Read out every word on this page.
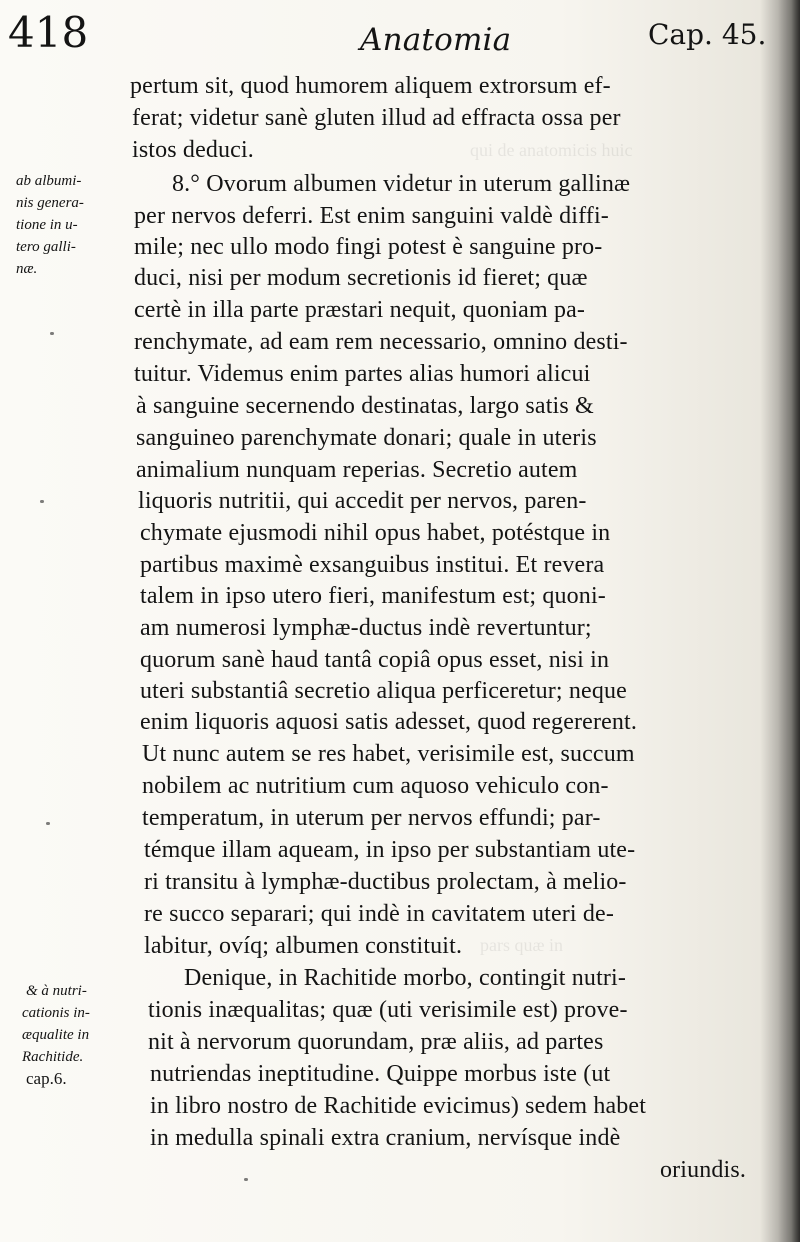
qui de anatomicis huic
pars quæ in
418	Anatomia	Cap. 45.
ab albumi-
nis genera-
tione in u-
tero galli-
næ.
& à nutri-
cationis in-
æqualite in
Rachitide.
cap.6.
pertum sit, quod humorem aliquem extrorsum ef-
ferat; videtur sanè gluten illud ad effracta ossa per
istos deduci.
8.° Ovorum albumen videtur in uterum gallinæ
per nervos deferri. Est enim sanguini valdè diffi-
mile; nec ullo modo fingi potest è sanguine pro-
duci, nisi per modum secretionis id fieret; quæ
certè in illa parte præstari nequit, quoniam pa-
renchymate, ad eam rem necessario, omnino desti-
tuitur. Videmus enim partes alias humori alicui
à sanguine secernendo destinatas, largo satis &
sanguineo parenchymate donari; quale in uteris
animalium nunquam reperias. Secretio autem
liquoris nutritii, qui accedit per nervos, paren-
chymate ejusmodi nihil opus habet, potéstque in
partibus maximè exsanguibus institui. Et revera
talem in ipso utero fieri, manifestum est; quoni-
am numerosi lymphæ-ductus indè revertuntur;
quorum sanè haud tantâ copiâ opus esset, nisi in
uteri substantiâ secretio aliqua perficeretur; neque
enim liquoris aquosi satis adesset, quod regererent.
Ut nunc autem se res habet, verisimile est, succum
nobilem ac nutritium cum aquoso vehiculo con-
temperatum, in uterum per nervos effundi; par-
témque illam aqueam, in ipso per substantiam ute-
ri transitu à lymphæ-ductibus prolectam, à melio-
re succo separari; qui indè in cavitatem uteri de-
labitur, ovíq; albumen constituit.
Denique, in Rachitide morbo, contingit nutri-
tionis inæqualitas; quæ (uti verisimile est) prove-
nit à nervorum quorundam, præ aliis, ad partes
nutriendas ineptitudine. Quippe morbus iste (ut
in libro nostro de Rachitide evicimus) sedem habet
in medulla spinali extra cranium, nervísque indè
oriundis.
